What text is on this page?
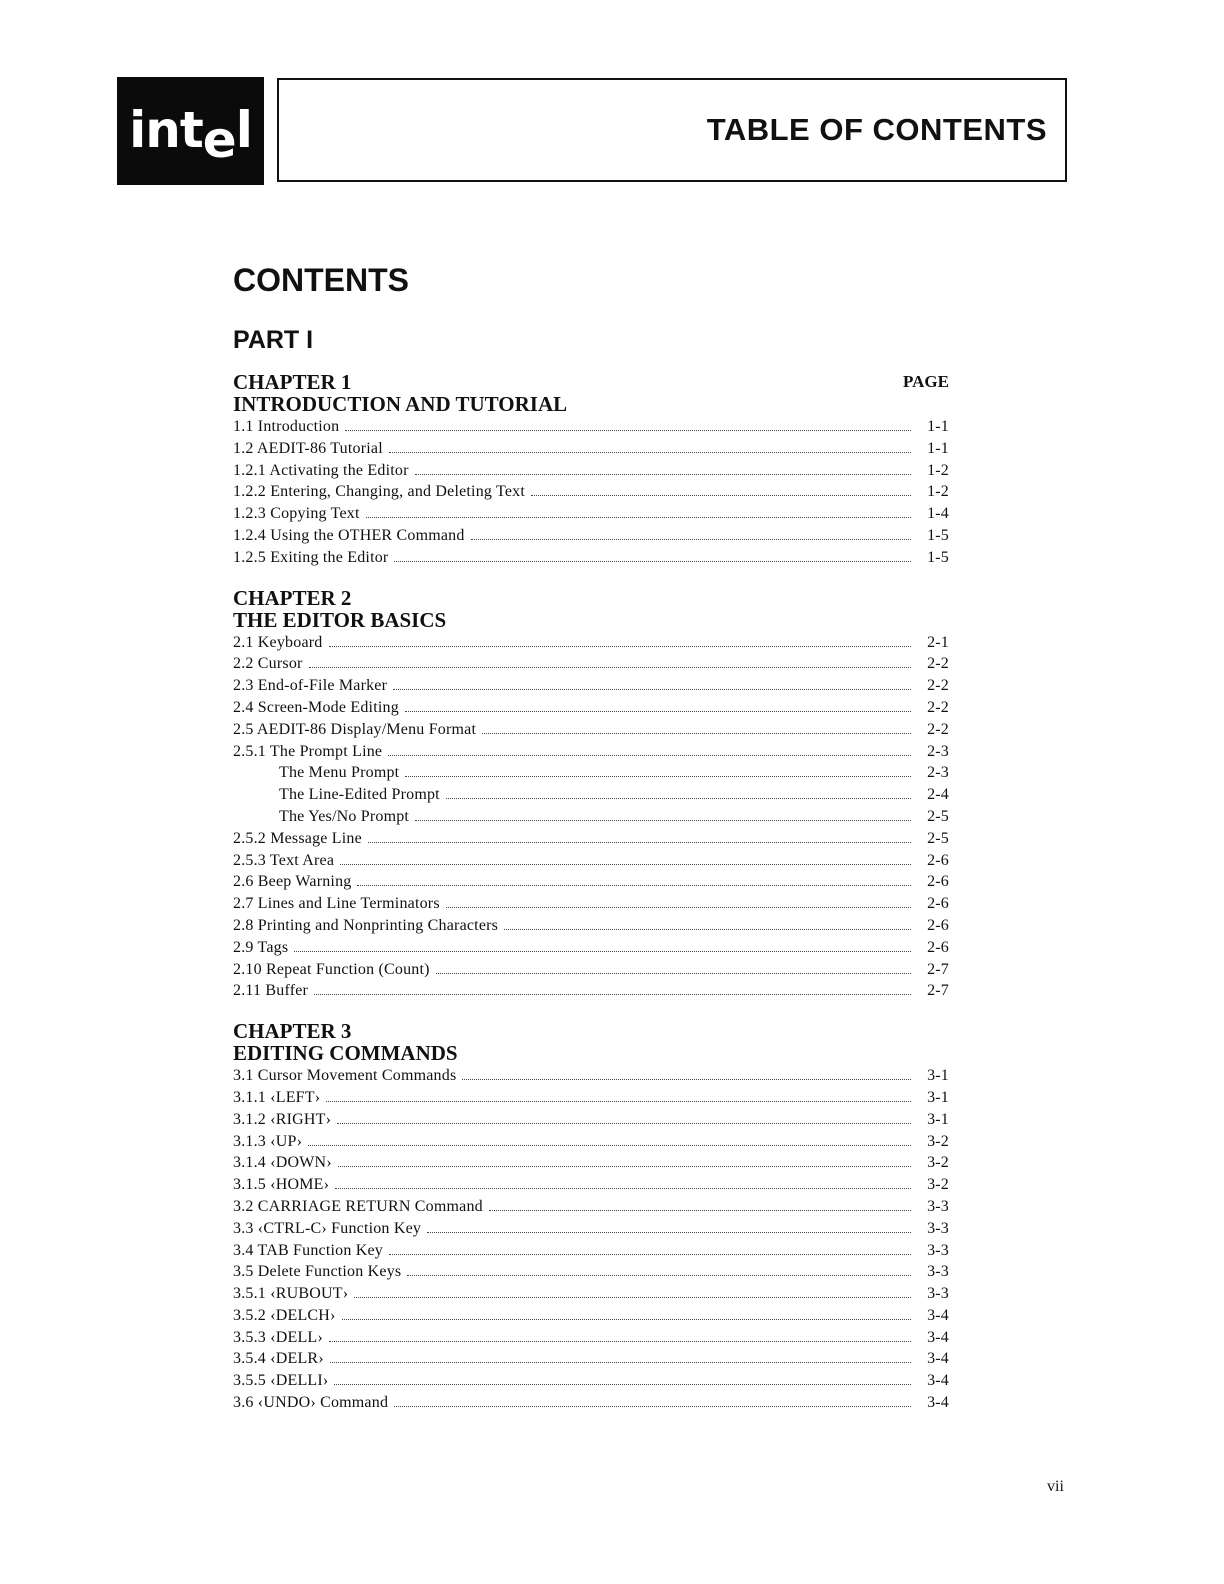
intel	TABLE OF CONTENTS
CONTENTS
PART I
CHAPTER 1
INTRODUCTION AND TUTORIAL
PAGE
1.1 Introduction	1-1
1.2 AEDIT-86 Tutorial	1-1
1.2.1 Activating the Editor	1-2
1.2.2 Entering, Changing, and Deleting Text	1-2
1.2.3 Copying Text	1-4
1.2.4 Using the OTHER Command	1-5
1.2.5 Exiting the Editor	1-5
CHAPTER 2
THE EDITOR BASICS
2.1 Keyboard	2-1
2.2 Cursor	2-2
2.3 End-of-File Marker	2-2
2.4 Screen-Mode Editing	2-2
2.5 AEDIT-86 Display/Menu Format	2-2
2.5.1 The Prompt Line	2-3
The Menu Prompt	2-3
The Line-Edited Prompt	2-4
The Yes/No Prompt	2-5
2.5.2 Message Line	2-5
2.5.3 Text Area	2-6
2.6 Beep Warning	2-6
2.7 Lines and Line Terminators	2-6
2.8 Printing and Nonprinting Characters	2-6
2.9 Tags	2-6
2.10 Repeat Function (Count)	2-7
2.11 Buffer	2-7
CHAPTER 3
EDITING COMMANDS
3.1 Cursor Movement Commands	3-1
3.1.1 ‹LEFT›	3-1
3.1.2 ‹RIGHT›	3-1
3.1.3 ‹UP›	3-2
3.1.4 ‹DOWN›	3-2
3.1.5 ‹HOME›	3-2
3.2 CARRIAGE RETURN Command	3-3
3.3 ‹CTRL-C› Function Key	3-3
3.4 TAB Function Key	3-3
3.5 Delete Function Keys	3-3
3.5.1 ‹RUBOUT›	3-3
3.5.2 ‹DELCH›	3-4
3.5.3 ‹DELL›	3-4
3.5.4 ‹DELR›	3-4
3.5.5 ‹DELLI›	3-4
3.6 ‹UNDO› Command	3-4
vii
